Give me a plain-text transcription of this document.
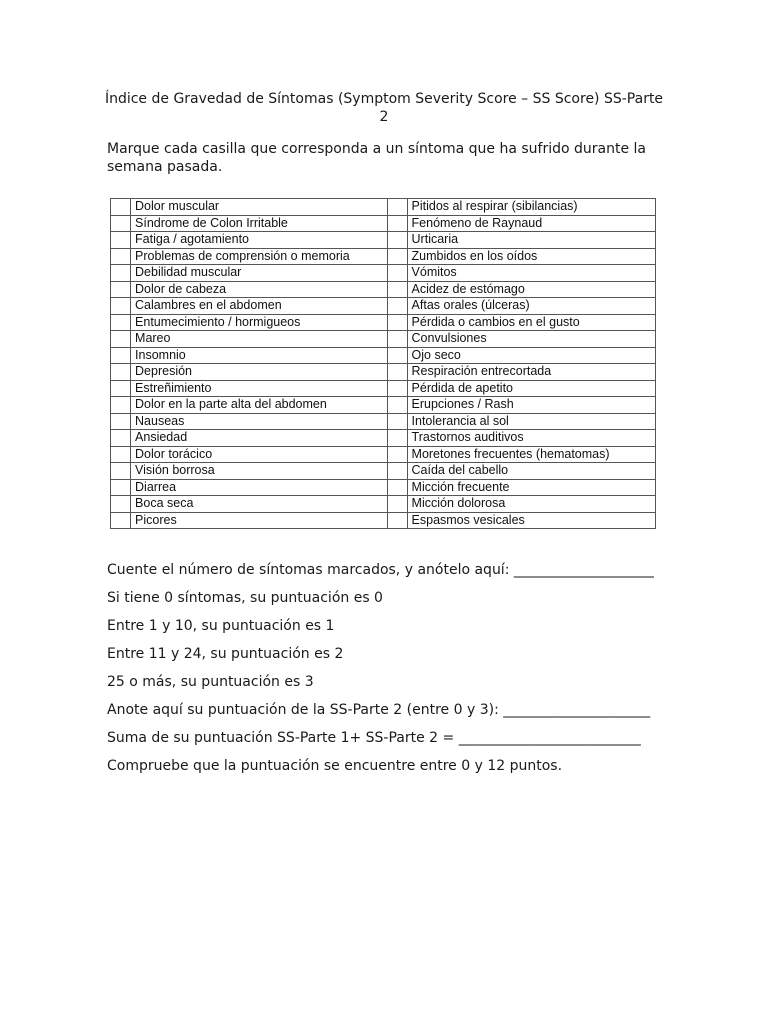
Índice de Gravedad de Síntomas (Symptom Severity Score – SS Score) SS-Parte 2
Marque cada casilla que corresponda a un síntoma que ha sufrido durante la semana pasada.
	Dolor muscular		Pitidos al respirar (sibilancias)
	Síndrome de Colon Irritable		Fenómeno de Raynaud
	Fatiga / agotamiento		Urticaria
	Problemas de comprensión o memoria		Zumbidos en los oídos
	Debilidad muscular		Vómitos
	Dolor de cabeza		Acidez de estómago
	Calambres en el abdomen		Aftas orales (úlceras)
	Entumecimiento / hormigueos		Pérdida o cambios en el gusto
	Mareo		Convulsiones
	Insomnio		Ojo seco
	Depresión		Respiración entrecortada
	Estreñimiento		Pérdida de apetito
	Dolor en la parte alta del abdomen		Erupciones / Rash
	Nauseas		Intolerancia al sol
	Ansiedad		Trastornos auditivos
	Dolor torácico		Moretones frecuentes (hematomas)
	Visión borrosa		Caída del cabello
	Diarrea		Micción frecuente
	Boca seca		Micción dolorosa
	Picores		Espasmos vesicales
Cuente el número de síntomas marcados, y anótelo aquí: ____________________
Si tiene 0 síntomas, su puntuación es 0
Entre 1 y 10, su puntuación es 1
Entre 11 y 24, su puntuación es 2
25 o más, su puntuación es 3
Anote aquí su puntuación de la SS-Parte 2 (entre 0 y 3): _____________________
Suma de su puntuación SS-Parte 1+ SS-Parte 2 = __________________________
Compruebe que la puntuación se encuentre entre 0 y 12 puntos.
